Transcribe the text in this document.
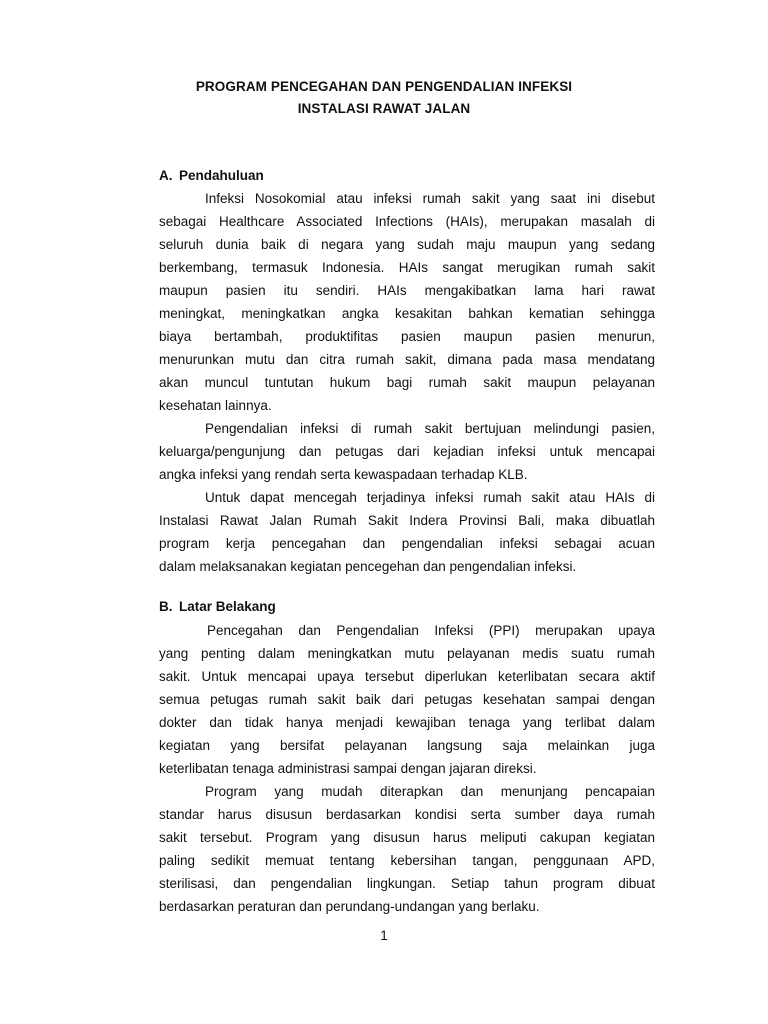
PROGRAM PENCEGAHAN DAN PENGENDALIAN INFEKSI
INSTALASI RAWAT JALAN
A. Pendahuluan
Infeksi Nosokomial atau infeksi rumah sakit yang saat ini disebut
sebagai Healthcare Associated Infections (HAIs), merupakan masalah di
seluruh dunia baik di negara yang sudah maju maupun yang sedang
berkembang, termasuk Indonesia. HAIs sangat merugikan rumah sakit
maupun pasien itu sendiri. HAIs mengakibatkan lama hari rawat
meningkat, meningkatkan angka kesakitan bahkan kematian sehingga
biaya bertambah, produktifitas pasien maupun pasien menurun,
menurunkan mutu dan citra rumah sakit, dimana pada masa mendatang
akan muncul tuntutan hukum bagi rumah sakit maupun pelayanan
kesehatan lainnya.
Pengendalian infeksi di rumah sakit bertujuan melindungi pasien,
keluarga/pengunjung dan petugas dari kejadian infeksi untuk mencapai
angka infeksi yang rendah serta kewaspadaan terhadap KLB.
Untuk dapat mencegah terjadinya infeksi rumah sakit atau HAIs di
Instalasi Rawat Jalan Rumah Sakit Indera Provinsi Bali, maka dibuatlah
program kerja pencegahan dan pengendalian infeksi sebagai acuan
dalam melaksanakan kegiatan pencegehan dan pengendalian infeksi.
B. Latar Belakang
Pencegahan dan Pengendalian Infeksi (PPI) merupakan upaya
yang penting dalam meningkatkan mutu pelayanan medis suatu rumah
sakit. Untuk mencapai upaya tersebut diperlukan keterlibatan secara aktif
semua petugas rumah sakit baik dari petugas kesehatan sampai dengan
dokter dan tidak hanya menjadi kewajiban tenaga yang terlibat dalam
kegiatan yang bersifat pelayanan langsung saja melainkan juga
keterlibatan tenaga administrasi sampai dengan jajaran direksi.
Program yang mudah diterapkan dan menunjang pencapaian
standar harus disusun berdasarkan kondisi serta sumber daya rumah
sakit tersebut. Program yang disusun harus meliputi cakupan kegiatan
paling sedikit memuat tentang kebersihan tangan, penggunaan APD,
sterilisasi, dan pengendalian lingkungan. Setiap tahun program dibuat
berdasarkan peraturan dan perundang-undangan yang berlaku.
1
